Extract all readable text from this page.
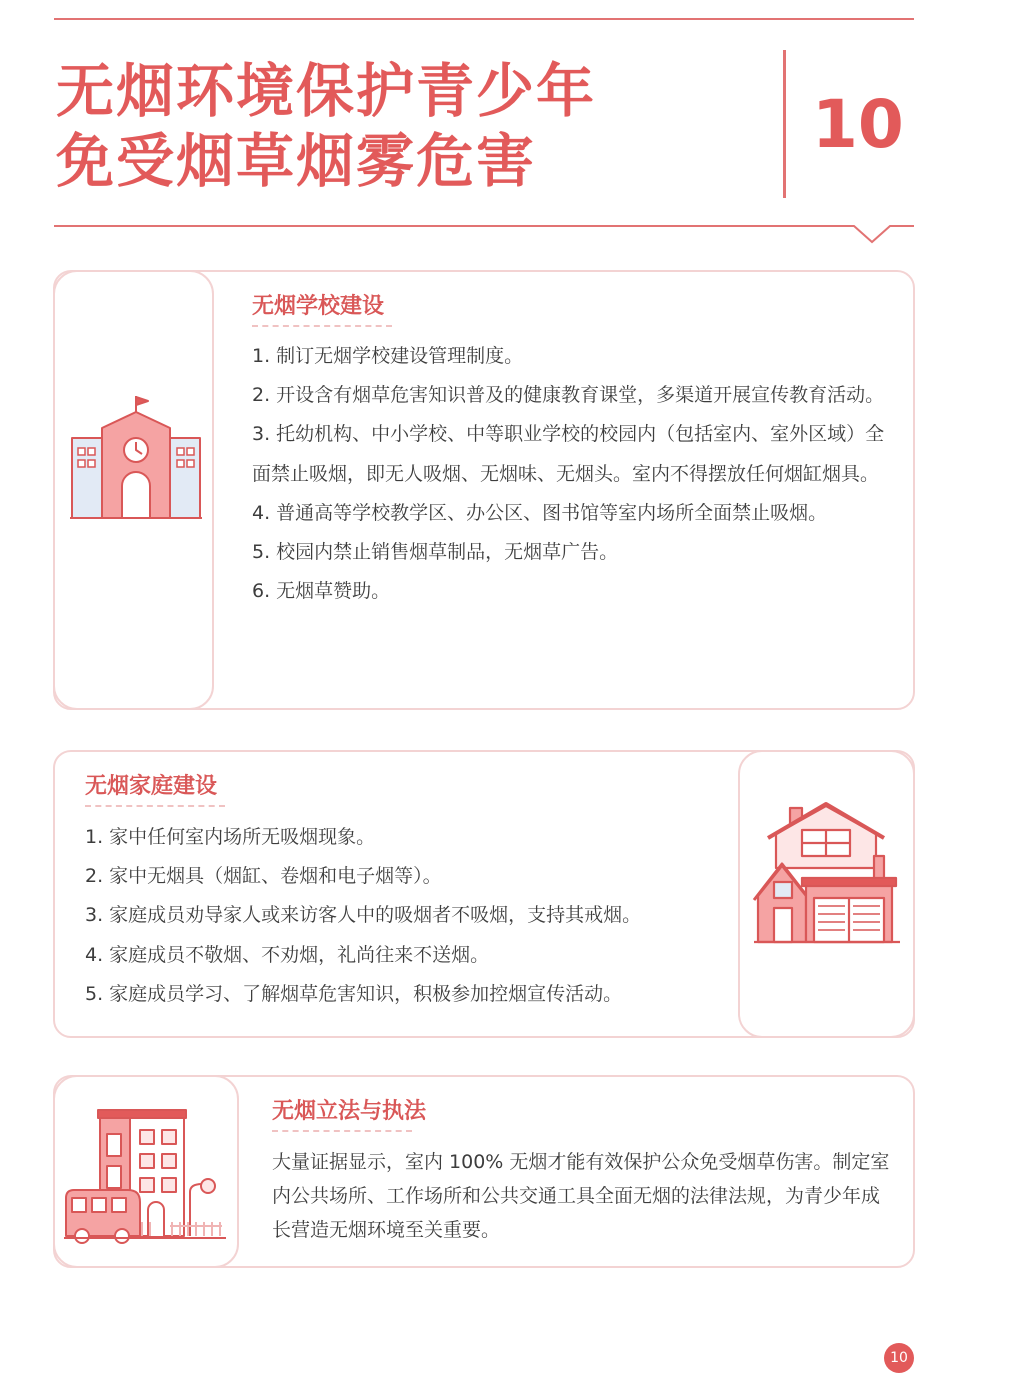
无烟环境保护青少年
免受烟草烟雾危害	10
无烟学校建设

1. 制订无烟学校建设管理制度。

2. 开设含有烟草危害知识普及的健康教育课堂，多渠道开展宣传教育活动。

3. 托幼机构、中小学校、中等职业学校的校园内（包括室内、室外区域）全面禁止吸烟，即无人吸烟、无烟味、无烟头。室内不得摆放任何烟缸烟具。

4. 普通高等学校教学区、办公区、图书馆等室内场所全面禁止吸烟。

5. 校园内禁止销售烟草制品，无烟草广告。

6. 无烟草赞助。

无烟家庭建设

1. 家中任何室内场所无吸烟现象。

2. 家中无烟具（烟缸、卷烟和电子烟等）。

3. 家庭成员劝导家人或来访客人中的吸烟者不吸烟，支持其戒烟。

4. 家庭成员不敬烟、不劝烟，礼尚往来不送烟。

5. 家庭成员学习、了解烟草危害知识，积极参加控烟宣传活动。

无烟立法与执法
大量证据显示，室内 100% 无烟才能有效保护公众免受烟草伤害。制定室内公共场所、工作场所和公共交通工具全面无烟的法律法规，为青少年成长营造无烟环境至关重要。
10
